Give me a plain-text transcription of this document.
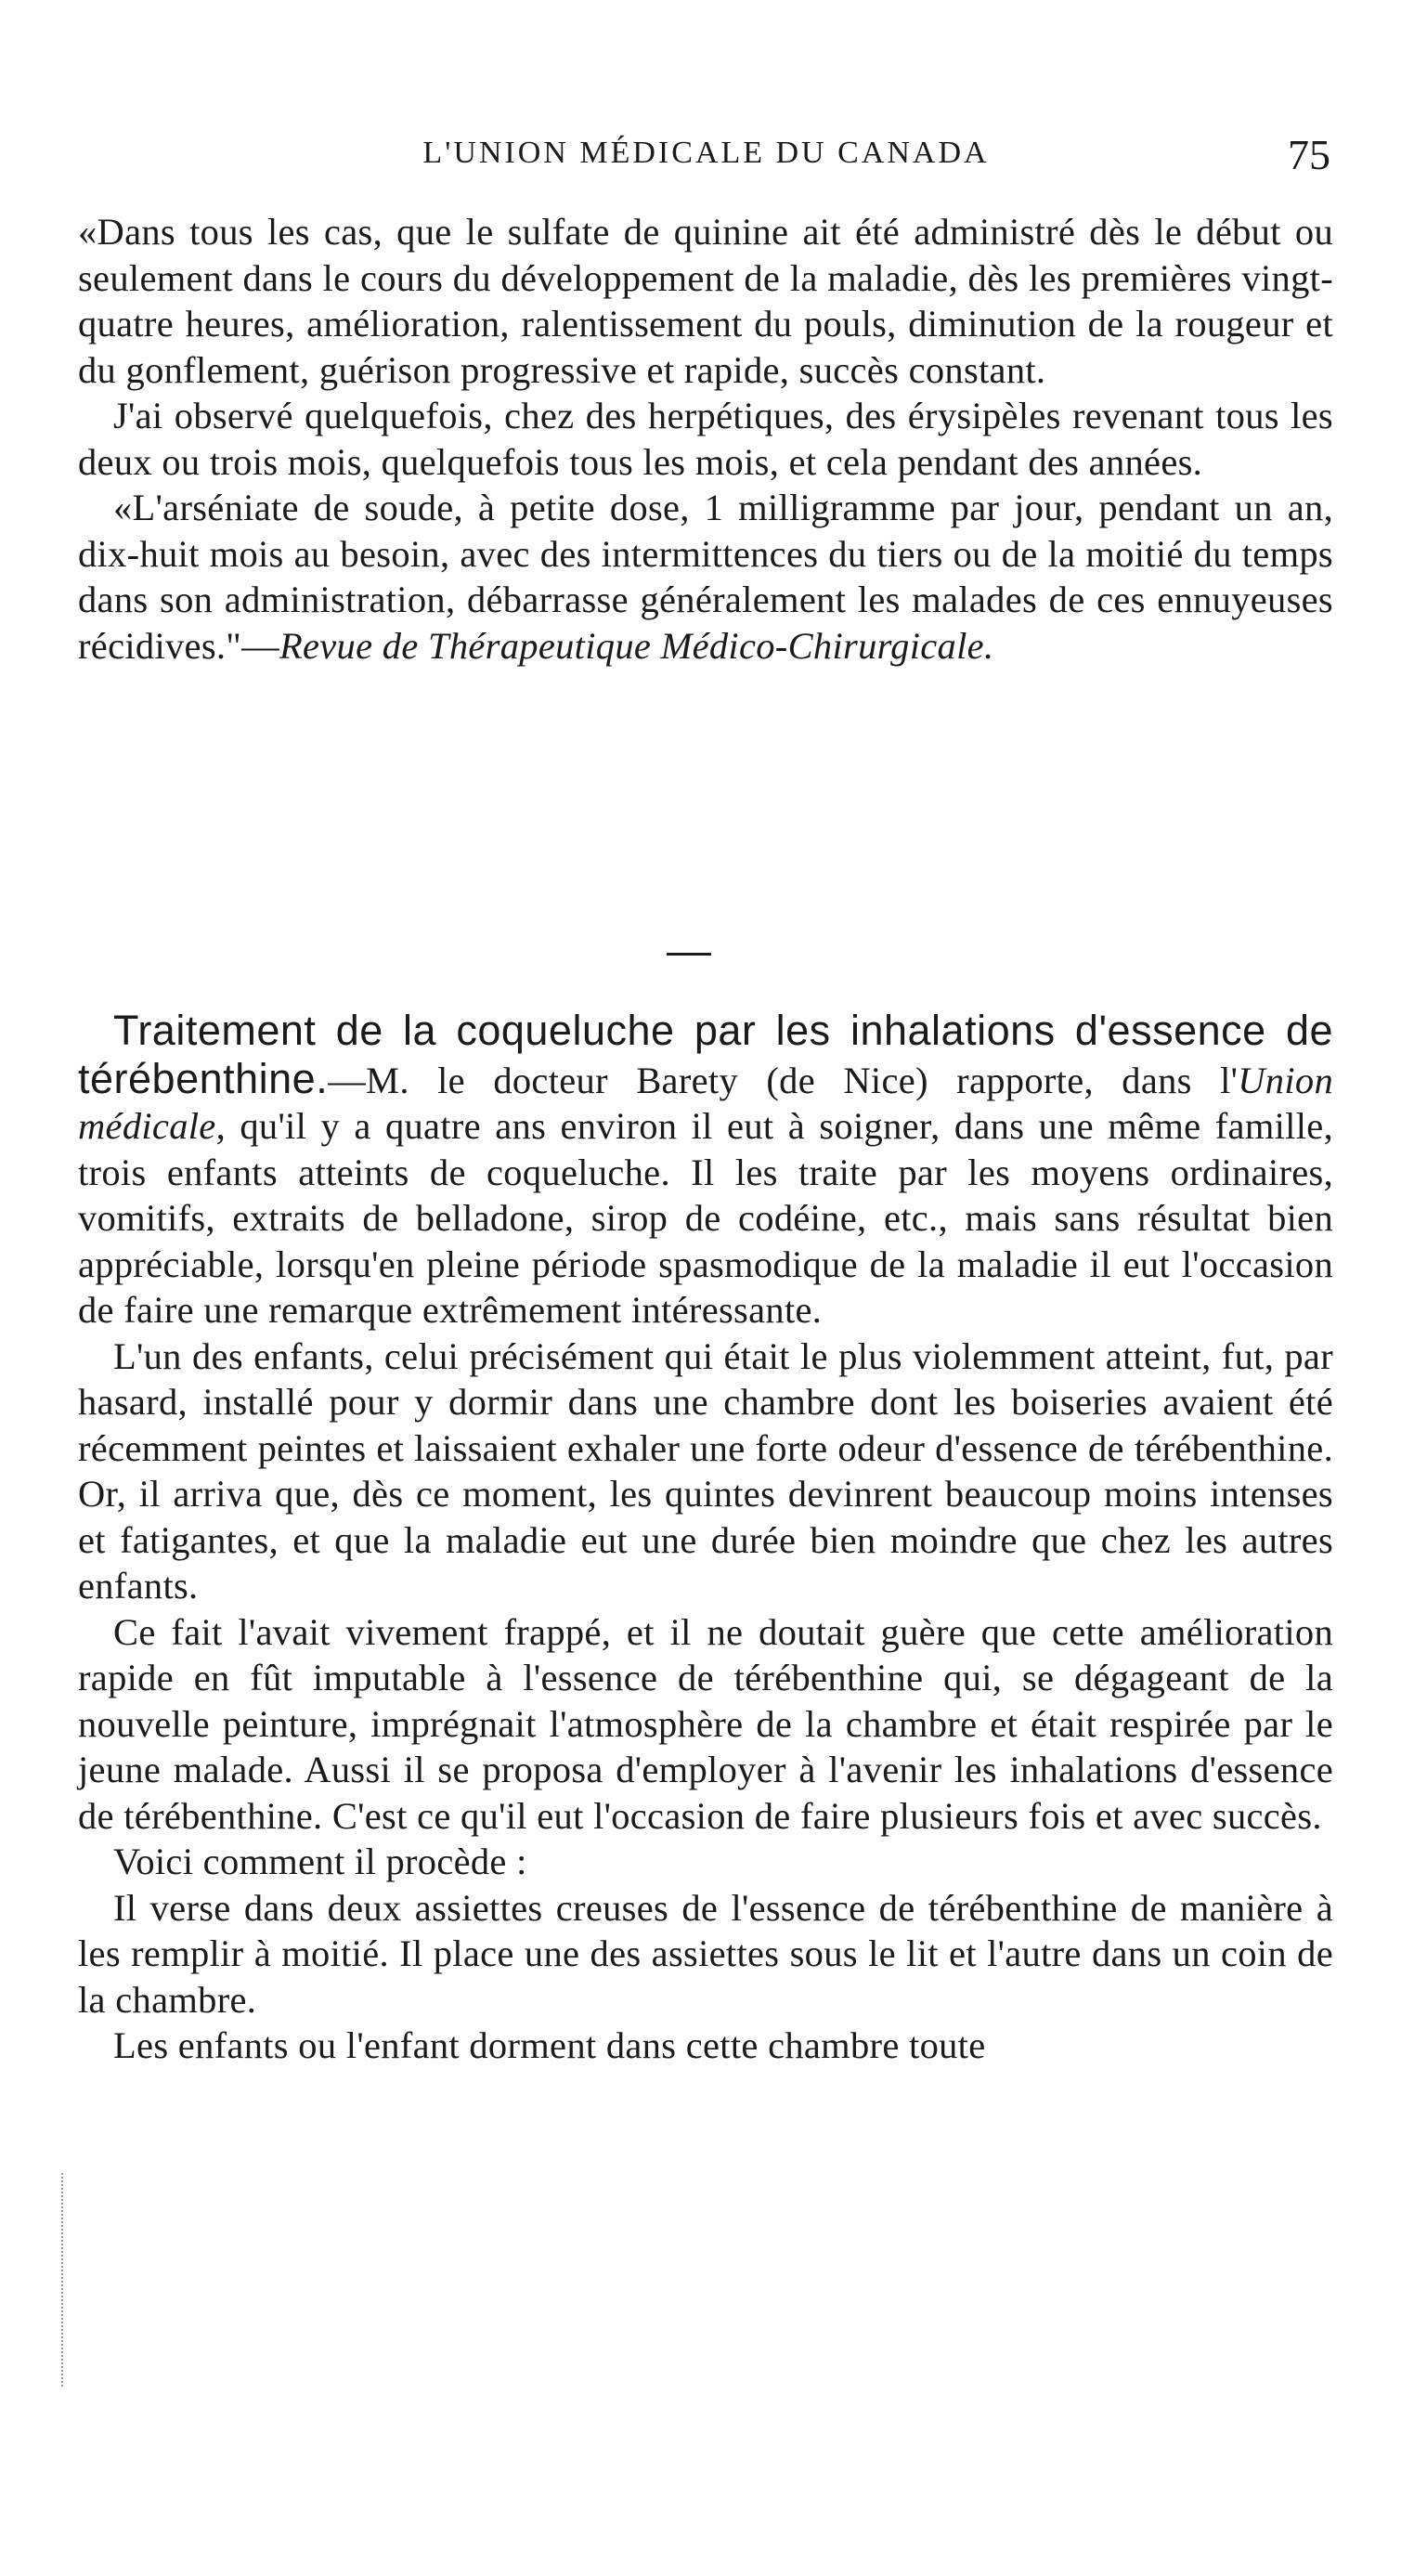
L'UNION MÉDICALE DU CANADA	75

«Dans tous les cas, que le sulfate de quinine ait été administré dès le début ou seulement dans le cours du développement de la maladie, dès les premières vingt-quatre heures, amélioration, ralentissement du pouls, diminution de la rougeur et du gonflement, guérison progressive et rapide, succès constant.

J'ai observé quelquefois, chez des herpétiques, des érysipèles revenant tous les deux ou trois mois, quelquefois tous les mois, et cela pendant des années.

«L'arséniate de soude, à petite dose, 1 milligramme par jour, pendant un an, dix-huit mois au besoin, avec des intermittences du tiers ou de la moitié du temps dans son administration, débarrasse généralement les malades de ces ennuyeuses récidives."—Revue de Thérapeutique Médico-Chirurgicale.

Traitement de la coqueluche par les inhalations d'essence de térébenthine.—M. le docteur Barety (de Nice) rapporte, dans l'Union médicale, qu'il y a quatre ans environ il eut à soigner, dans une même famille, trois enfants atteints de coqueluche. Il les traite par les moyens ordinaires, vomitifs, extraits de belladone, sirop de codéine, etc., mais sans résultat bien appréciable, lorsqu'en pleine période spasmodique de la maladie il eut l'occasion de faire une remarque extrêmement intéressante.

L'un des enfants, celui précisément qui était le plus violemment atteint, fut, par hasard, installé pour y dormir dans une chambre dont les boiseries avaient été récemment peintes et laissaient exhaler une forte odeur d'essence de térébenthine. Or, il arriva que, dès ce moment, les quintes devinrent beaucoup moins intenses et fatigantes, et que la maladie eut une durée bien moindre que chez les autres enfants.

Ce fait l'avait vivement frappé, et il ne doutait guère que cette amélioration rapide en fût imputable à l'essence de térébenthine qui, se dégageant de la nouvelle peinture, imprégnait l'atmosphère de la chambre et était respirée par le jeune malade. Aussi il se proposa d'employer à l'avenir les inhalations d'essence de térébenthine. C'est ce qu'il eut l'occasion de faire plusieurs fois et avec succès.

Voici comment il procède :

Il verse dans deux assiettes creuses de l'essence de térébenthine de manière à les remplir à moitié. Il place une des assiettes sous le lit et l'autre dans un coin de la chambre.

Les enfants ou l'enfant dorment dans cette chambre toute
